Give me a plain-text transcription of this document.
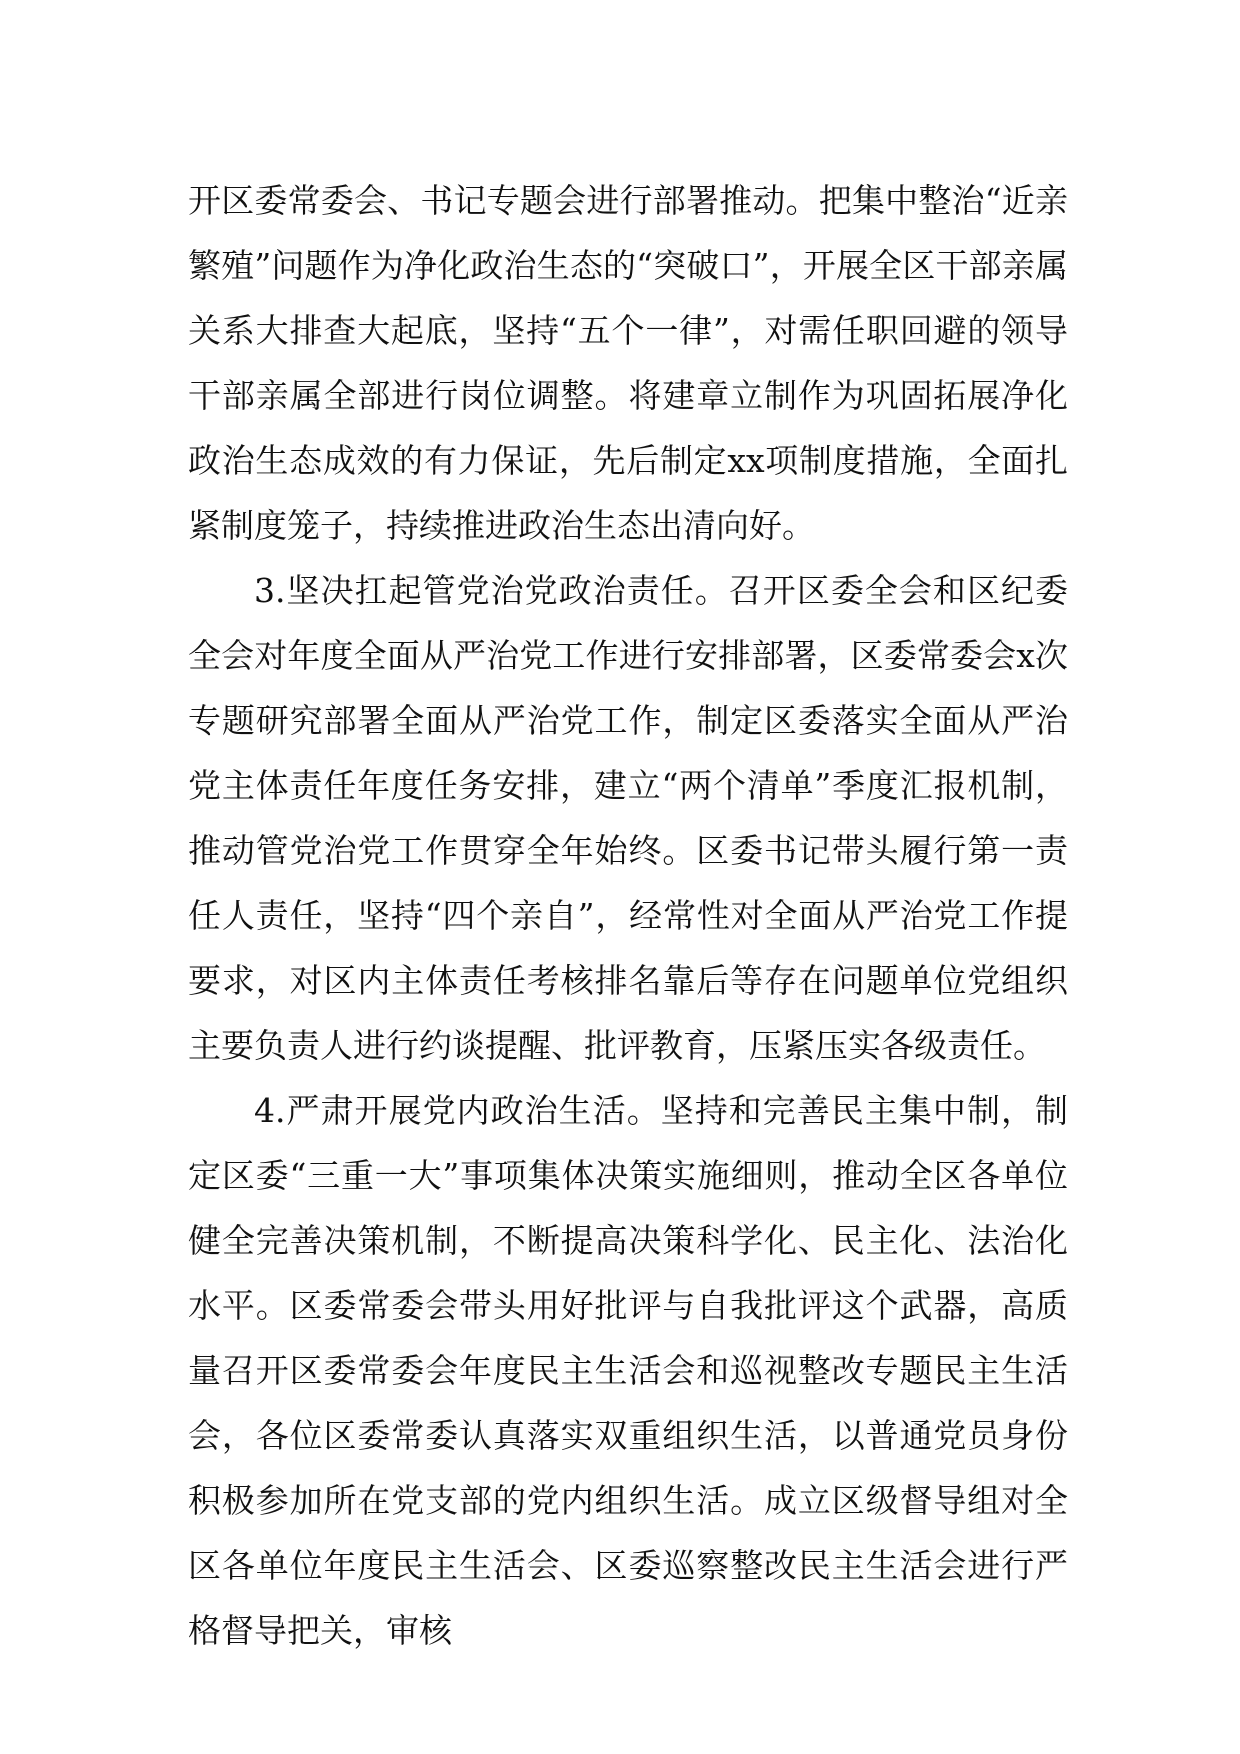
开区委常委会、书记专题会进行部署推动。把集中整治“近亲繁殖”问题作为净化政治生态的“突破口”，开展全区干部亲属关系大排查大起底，坚持“五个一律”，对需任职回避的领导干部亲属全部进行岗位调整。将建章立制作为巩固拓展净化政治生态成效的有力保证，先后制定xx项制度措施，全面扎紧制度笼子，持续推进政治生态出清向好。

3.坚决扛起管党治党政治责任。召开区委全会和区纪委全会对年度全面从严治党工作进行安排部署，区委常委会x次专题研究部署全面从严治党工作，制定区委落实全面从严治党主体责任年度任务安排，建立“两个清单”季度汇报机制，推动管党治党工作贯穿全年始终。区委书记带头履行第一责任人责任，坚持“四个亲自”，经常性对全面从严治党工作提要求，对区内主体责任考核排名靠后等存在问题单位党组织主要负责人进行约谈提醒、批评教育，压紧压实各级责任。

4.严肃开展党内政治生活。坚持和完善民主集中制，制定区委“三重一大”事项集体决策实施细则，推动全区各单位健全完善决策机制，不断提高决策科学化、民主化、法治化水平。区委常委会带头用好批评与自我批评这个武器，高质量召开区委常委会年度民主生活会和巡视整改专题民主生活会，各位区委常委认真落实双重组织生活，以普通党员身份积极参加所在党支部的党内组织生活。成立区级督导组对全区各单位年度民主生活会、区委巡察整改民主生活会进行严格督导把关，审核
